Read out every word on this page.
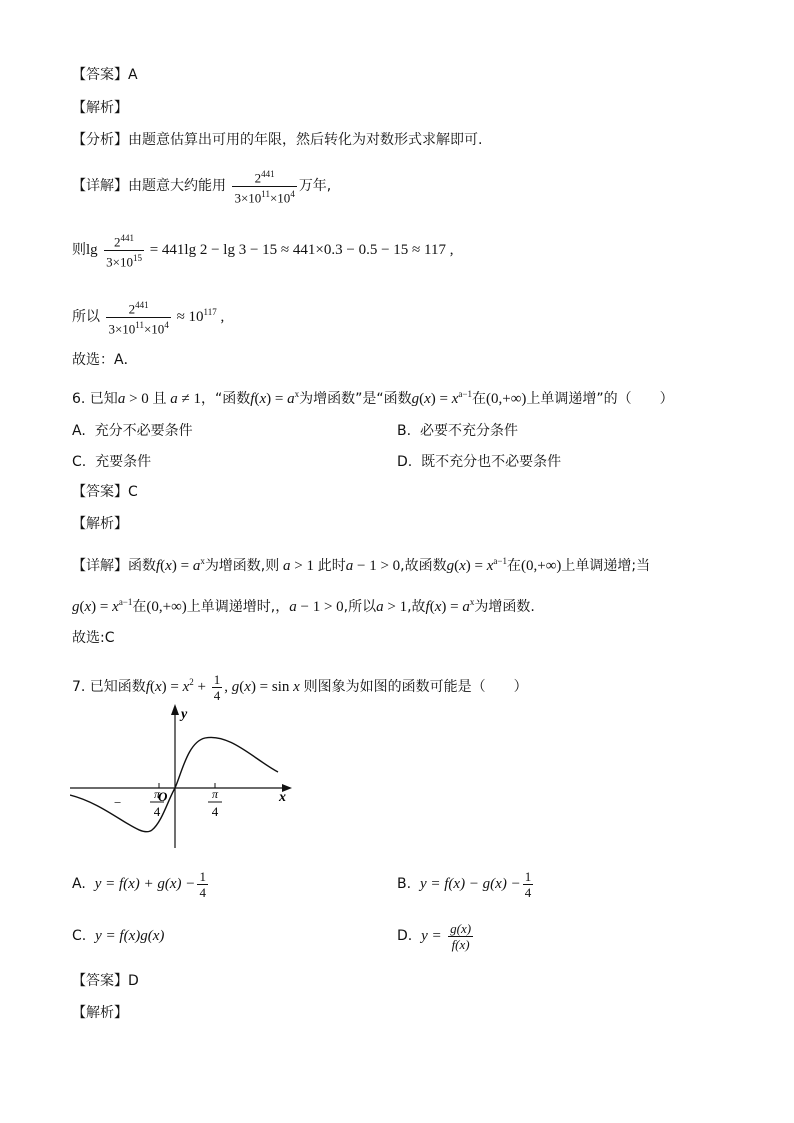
【答案】A
【解析】
【分析】由题意估算出可用的年限，然后转化为对数形式求解即可.
【详解】由题意大约能用 $\frac{2^{441}}{3\times 10^{11}\times 10^4}$ 万年,
则$\lg \frac{2^{441}}{3\times 10^{15}} = 441\lg$ 2 − lg 3 − 15 ≈ 441×0.3 − 0.5 − 15 ≈ 117 ,
所以 $\frac{2^{441}}{3\times 10^{11}\times 10^4} \approx 10^{117}$ ,
故选：A．
6. 已知a > 0 且 a ≠ 1，“函数$f(x) = a^x$为增函数”是“函数$g(x) = x^{a-1}$在(0,+∞)上单调递增”的（　　）
A. 充分不必要条件	B. 必要不充分条件
C. 充要条件	D. 既不充分也不必要条件
【答案】C
【解析】
【详解】函数$f(x) = a^x$为增函数,则 a > 1 此时a − 1 > 0,故函数$g(x) = x^{a-1}$在(0,+∞)上单调递增;当
$g(x) = x^{a-1}$在(0,+∞)上单调递增时,，a − 1 > 0,所以a > 1,故$f(x) = a^x$为增函数.
故选:C
7. 已知函数$f(x) = x^2 + \frac{1}{4}$ , g(x) = sin x 则图象为如图的函数可能是（　　）
y
x
O
−
π
4
π
4
A. $y = f(x) + g(x) - \frac{1}{4}$	B. $y = f(x) - g(x) - \frac{1}{4}$
C. y = f(x)g(x)	D. $y = \frac{g(x)}{f(x)}$
【答案】D
【解析】
